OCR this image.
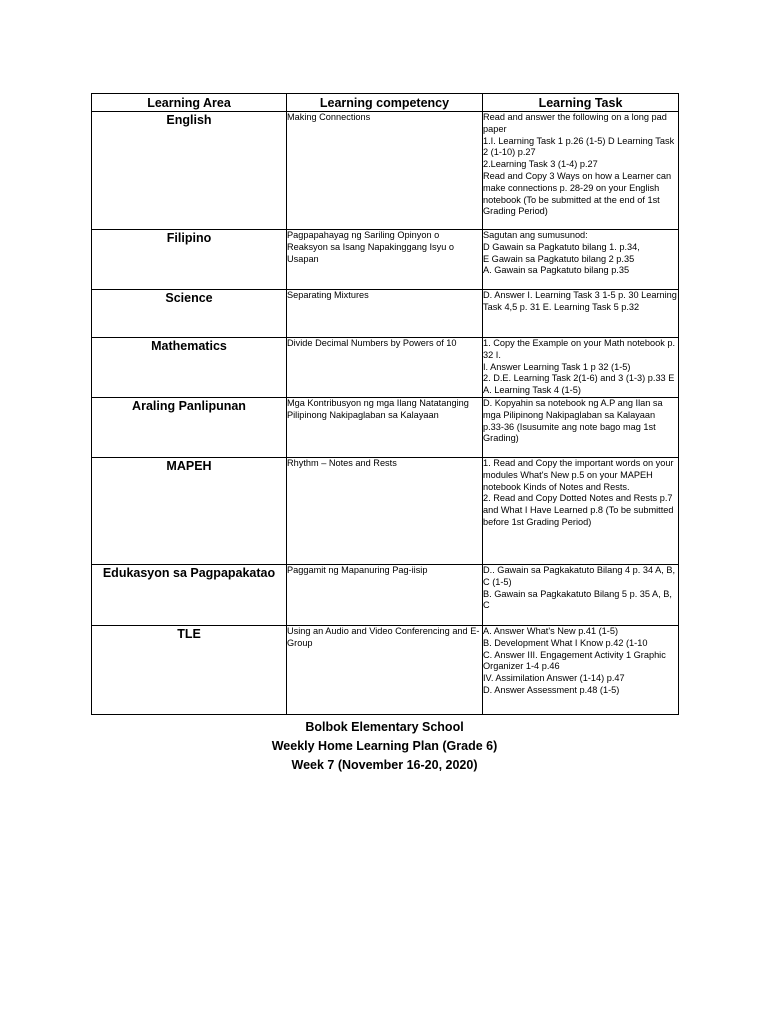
Learning Area	Learning competency	Learning Task
English	Making Connections	Read and answer the following on a long pad paper
1.I. Learning Task 1 p.26 (1-5) D Learning Task 2 (1-10) p.27
2.Learning Task 3 (1-4) p.27
Read and Copy 3 Ways on how a Learner can make connections p. 28-29 on your English notebook (To be submitted at the end of 1st Grading Period)
Filipino	Pagpapahayag ng Sariling Opinyon o Reaksyon sa Isang Napakinggang Isyu o Usapan	Sagutan ang sumusunod:
D Gawain sa Pagkatuto bilang 1. p.34,
E Gawain sa Pagkatuto bilang 2 p.35
A. Gawain sa Pagkatuto bilang p.35
Science	Separating Mixtures	D. Answer I. Learning Task 3 1-5 p. 30 Learning Task 4,5 p. 31 E. Learning Task 5 p.32
Mathematics	Divide Decimal Numbers by Powers of 10	1. Copy the Example on your Math notebook p. 32 I.
I. Answer Learning Task 1 p 32 (1-5)
2. D.E. Learning Task 2(1-6) and 3 (1-3) p.33 E A. Learning Task 4 (1-5)
Araling Panlipunan	Mga Kontribusyon ng mga Ilang Natatanging Pilipinong Nakipaglaban sa Kalayaan	D. Kopyahin sa notebook ng A.P ang Ilan sa mga Pilipinong Nakipaglaban sa Kalayaan p.33-36 (Isusumite ang note bago mag 1st Grading)
MAPEH	Rhythm – Notes and Rests	1. Read and Copy the important words on your modules What's New p.5 on your MAPEH notebook Kinds of Notes and Rests.
2. Read and Copy Dotted Notes and Rests p.7 and What I Have Learned p.8 (To be submitted before 1st Grading Period)
Edukasyon sa Pagpapakatao	Paggamit ng Mapanuring Pag-iisip	D.. Gawain sa Pagkakatuto Bilang 4 p. 34 A, B, C (1-5)
B. Gawain sa Pagkakatuto Bilang 5 p. 35 A, B, C
TLE	Using an Audio and Video Conferencing and E- Group	A. Answer What's New p.41 (1-5)
B. Development What I Know p.42 (1-10
C. Answer III. Engagement Activity 1 Graphic Organizer 1-4 p.46
IV. Assimilation Answer (1-14) p.47
D. Answer Assessment p.48 (1-5)
Bolbok Elementary School
Weekly Home Learning Plan (Grade 6)
Week 7 (November 16-20, 2020)
